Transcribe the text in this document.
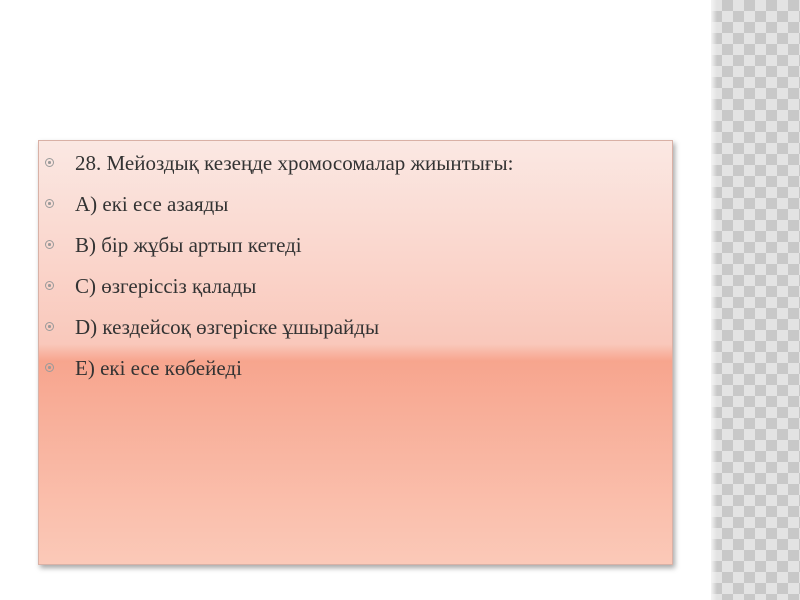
28. Мейоздық кезеңде хромосомалар жиынтығы:
А) екі есе азаяды
В) бір жұбы артып кетеді
С) өзгеріссіз қалады
D) кездейсоқ өзгеріске ұшырайды
Е) екі есе көбейеді
